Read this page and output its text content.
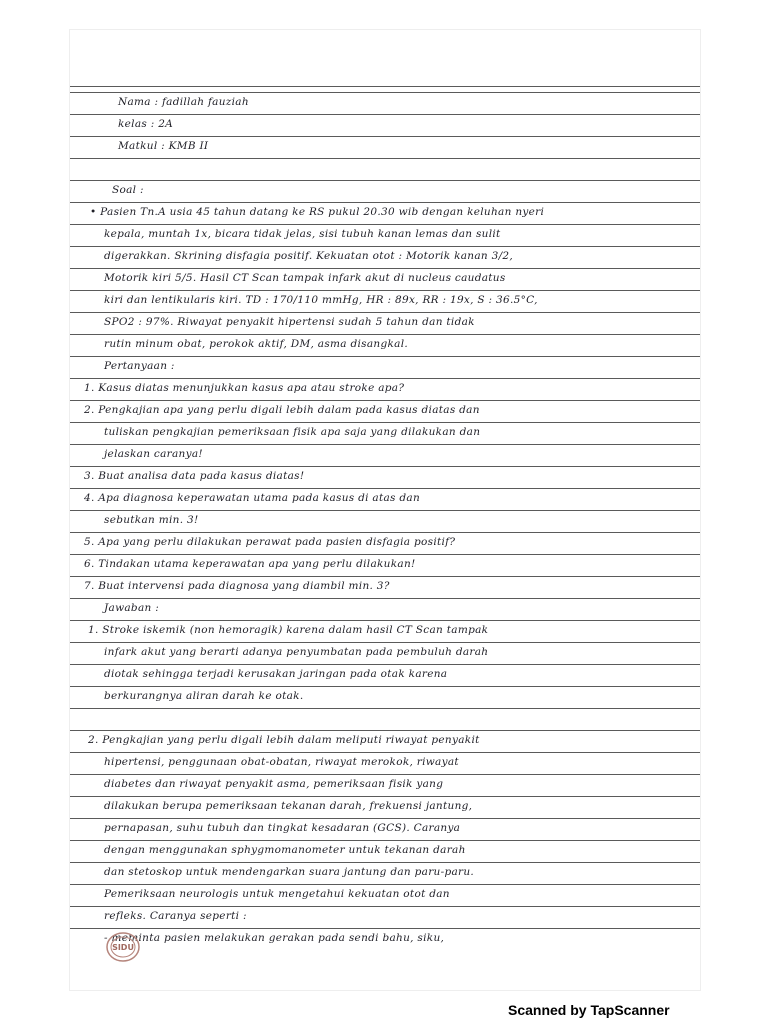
Nama : fadillah fauziah
kelas : 2A
Matkul : KMB II
Soal :
• Pasien Tn.A usia 45 tahun datang ke RS pukul 20.30 wib dengan keluhan nyeri
kepala, muntah 1x, bicara tidak jelas, sisi tubuh kanan lemas dan sulit
digerakkan. Skrining disfagia positif. Kekuatan otot : Motorik kanan 3/2,
Motorik kiri 5/5. Hasil CT Scan tampak infark akut di nucleus caudatus
kiri dan lentikularis kiri. TD : 170/110 mmHg, HR : 89x, RR : 19x, S : 36.5°C,
SPO2 : 97%. Riwayat penyakit hipertensi sudah 5 tahun dan tidak
rutin minum obat, perokok aktif, DM, asma disangkal.
Pertanyaan :
1. Kasus diatas menunjukkan kasus apa atau stroke apa?
2. Pengkajian apa yang perlu digali lebih dalam pada kasus diatas dan
tuliskan pengkajian pemeriksaan fisik apa saja yang dilakukan dan
jelaskan caranya!
3. Buat analisa data pada kasus diatas!
4. Apa diagnosa keperawatan utama pada kasus di atas dan
sebutkan min. 3!
5. Apa yang perlu dilakukan perawat pada pasien disfagia positif?
6. Tindakan utama keperawatan apa yang perlu dilakukan!
7. Buat intervensi pada diagnosa yang diambil min. 3?
Jawaban :
1. Stroke iskemik (non hemoragik) karena dalam hasil CT Scan tampak
infark akut yang berarti adanya penyumbatan pada pembuluh darah
diotak sehingga terjadi kerusakan jaringan pada otak karena
berkurangnya aliran darah ke otak.
2. Pengkajian yang perlu digali lebih dalam meliputi riwayat penyakit
hipertensi, penggunaan obat-obatan, riwayat merokok, riwayat
diabetes dan riwayat penyakit asma, pemeriksaan fisik yang
dilakukan berupa pemeriksaan tekanan darah, frekuensi jantung,
pernapasan, suhu tubuh dan tingkat kesadaran (GCS). Caranya
dengan menggunakan sphygmomanometer untuk tekanan darah
dan stetoskop untuk mendengarkan suara jantung dan paru-paru.
Pemeriksaan neurologis untuk mengetahui kekuatan otot dan
refleks. Caranya seperti :
- meminta pasien melakukan gerakan pada sendi bahu, siku,
SIDU
Scanned by TapScanner
